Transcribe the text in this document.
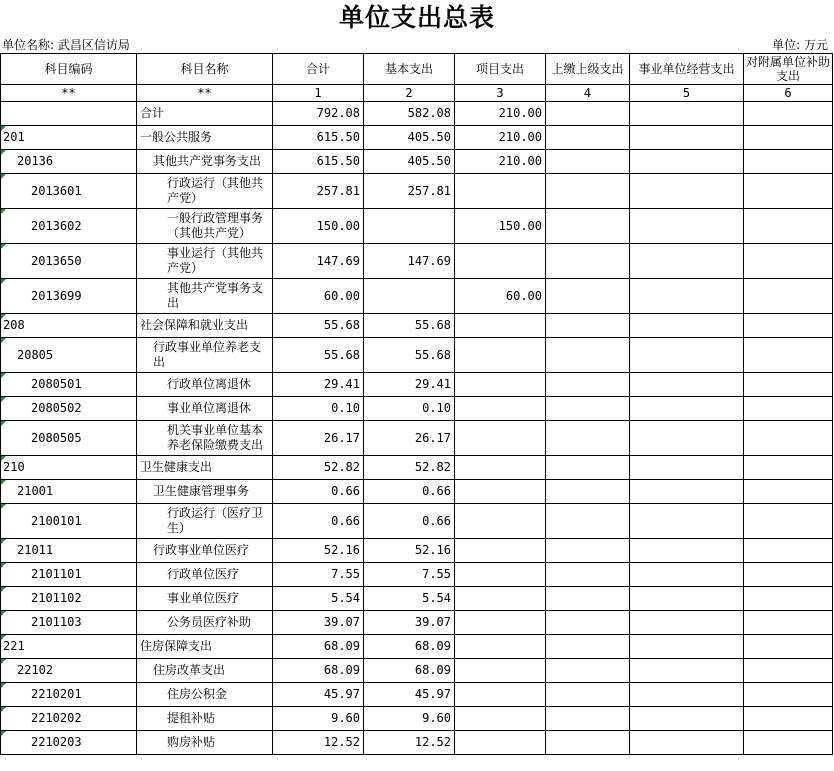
单位支出总表
单位名称: 武昌区信访局	单位: 万元
科目编码	科目名称	合计	基本支出	项目支出	上缴上级支出	事业单位经营支出	对附属单位补助支出
**	**	1	2	3	4	5	6
	合计	792.08	582.08	210.00			
201	一般公共服务	615.50	405.50	210.00			
20136	其他共产党事务支出	615.50	405.50	210.00			
2013601	行政运行（其他共产党）	257.81	257.81				
2013602	一般行政管理事务（其他共产党）	150.00		150.00			
2013650	事业运行（其他共产党）	147.69	147.69				
2013699	其他共产党事务支出	60.00		60.00			
208	社会保障和就业支出	55.68	55.68				
20805	行政事业单位养老支出	55.68	55.68				
2080501	行政单位离退休	29.41	29.41				
2080502	事业单位离退休	0.10	0.10				
2080505	机关事业单位基本养老保险缴费支出	26.17	26.17				
210	卫生健康支出	52.82	52.82				
21001	卫生健康管理事务	0.66	0.66				
2100101	行政运行（医疗卫生）	0.66	0.66				
21011	行政事业单位医疗	52.16	52.16				
2101101	行政单位医疗	7.55	7.55				
2101102	事业单位医疗	5.54	5.54				
2101103	公务员医疗补助	39.07	39.07				
221	住房保障支出	68.09	68.09				
22102	住房改革支出	68.09	68.09				
2210201	住房公积金	45.97	45.97				
2210202	提租补贴	9.60	9.60				
2210203	购房补贴	12.52	12.52				
